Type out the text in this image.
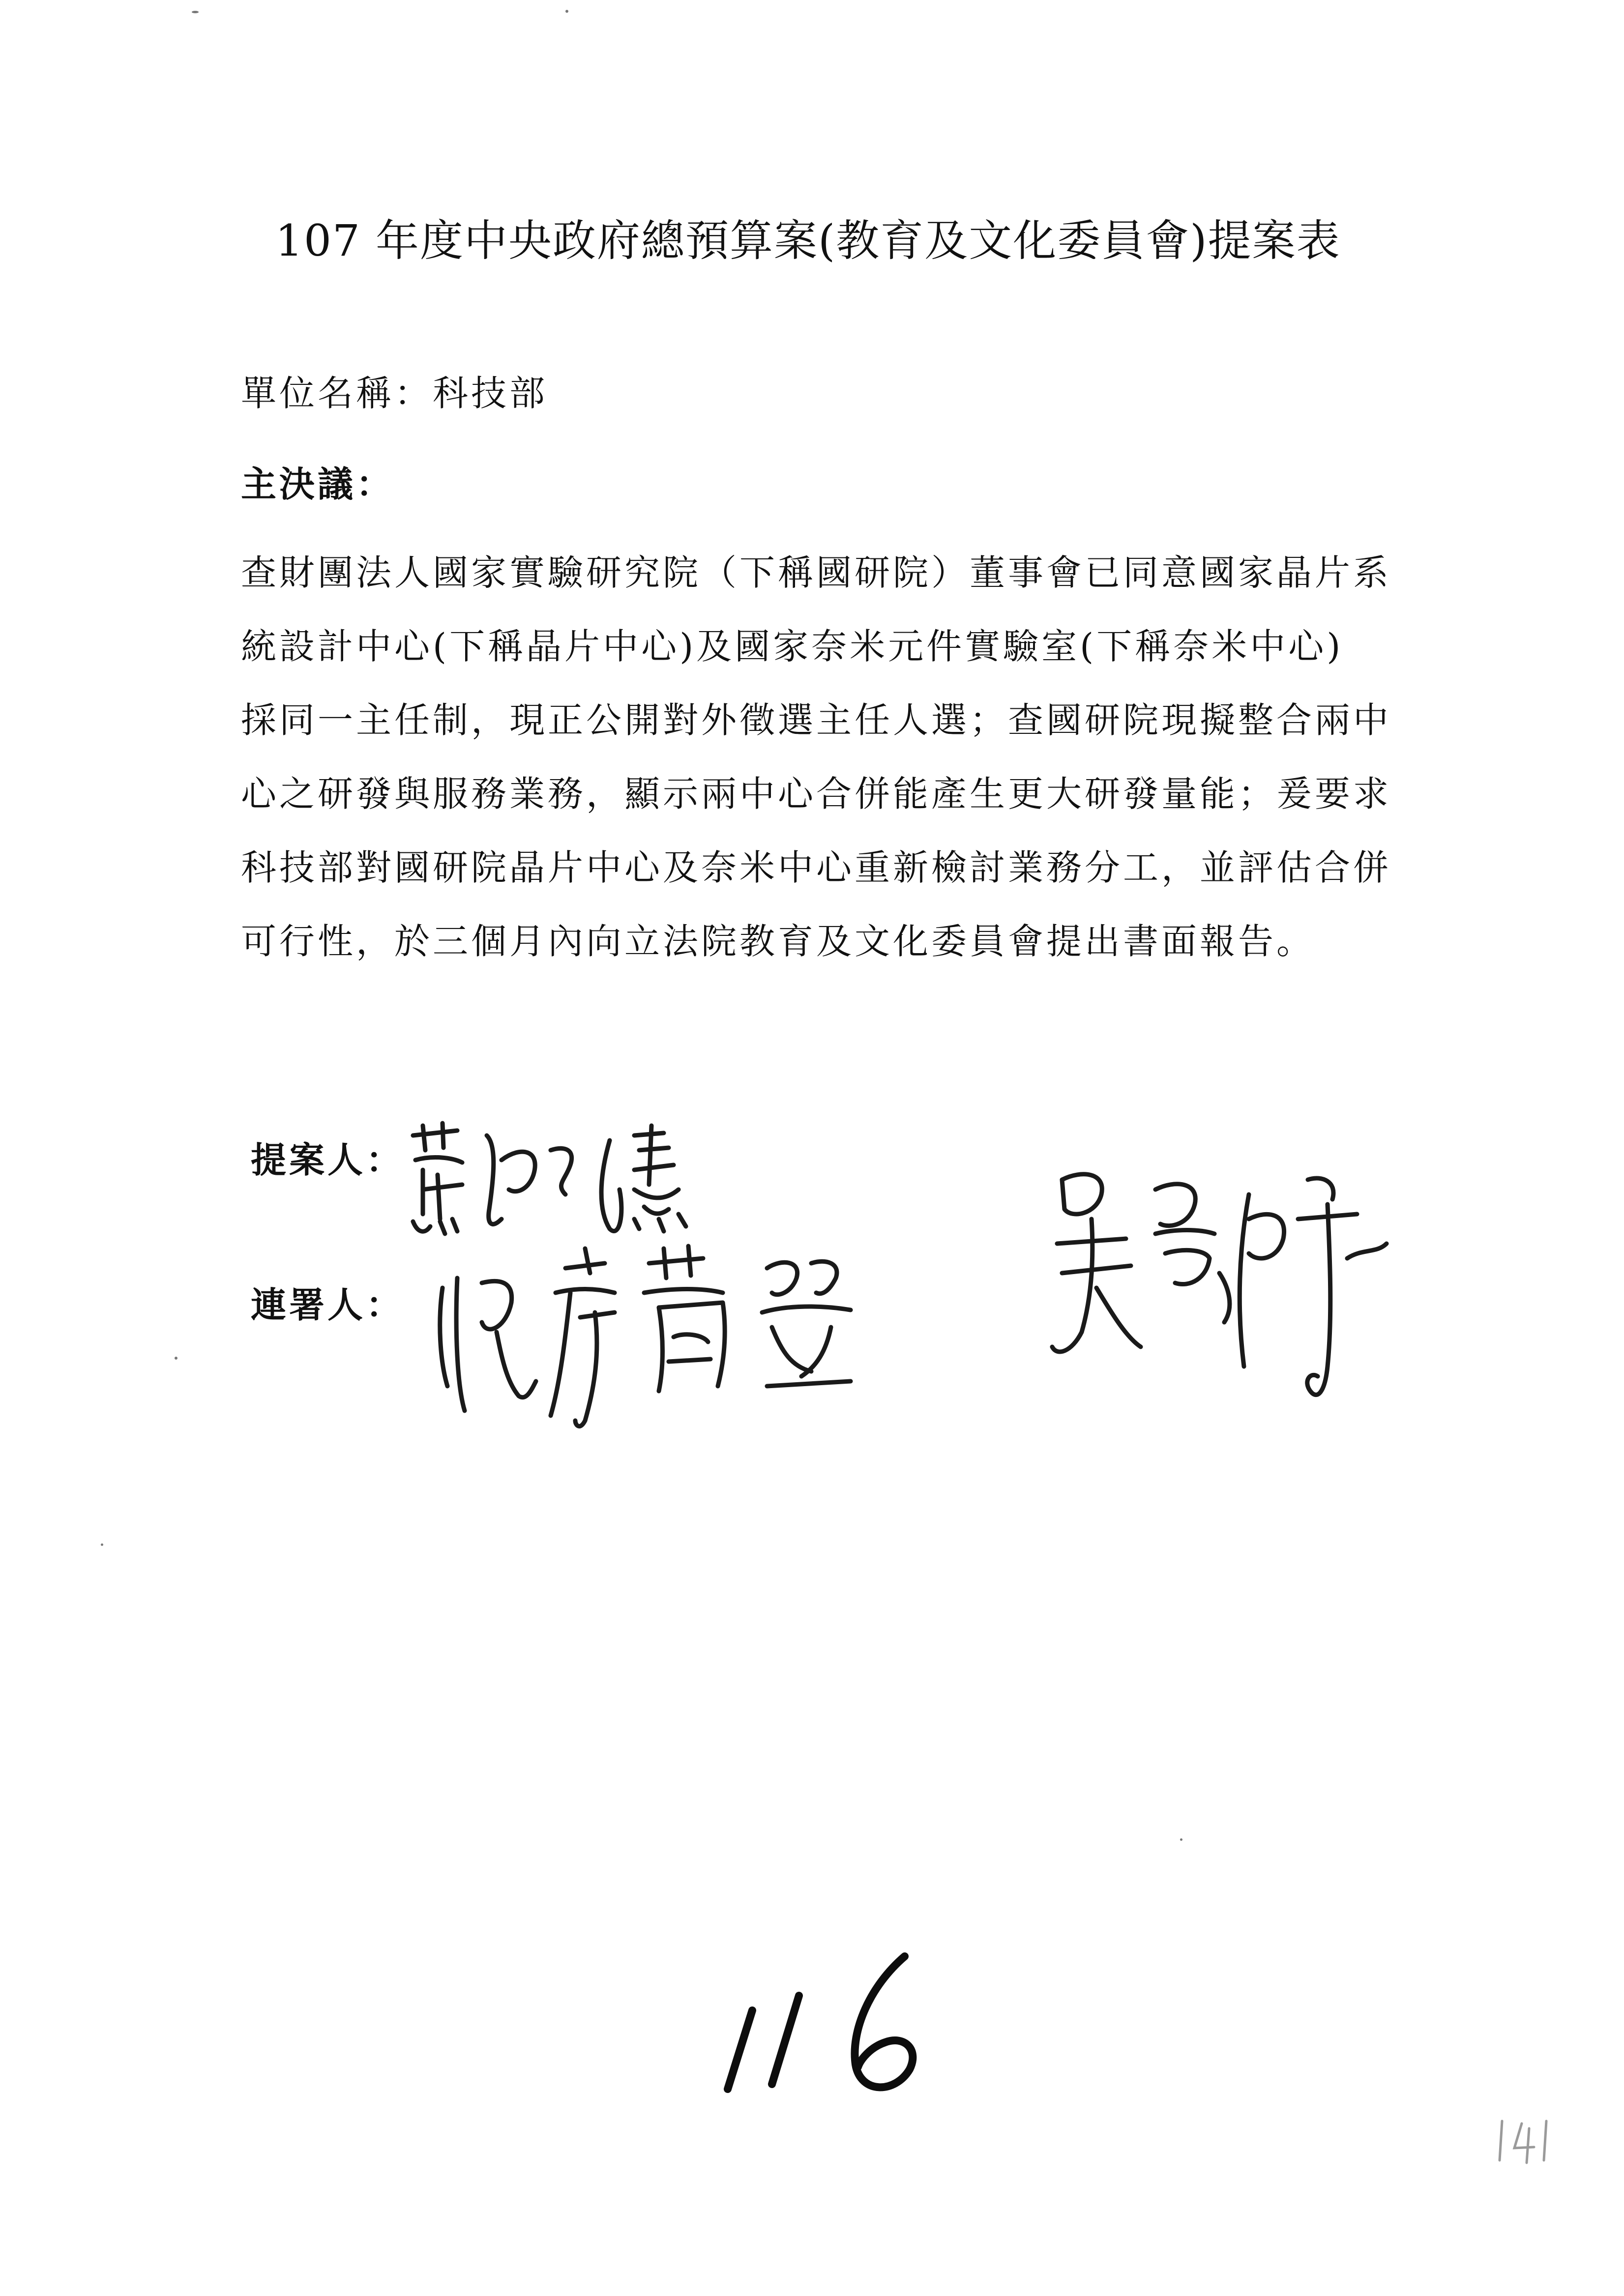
107 年度中央政府總預算案(教育及文化委員會)提案表
單位名稱：科技部
主決議：
查財團法人國家實驗研究院（下稱國研院）董事會已同意國家晶片系
統設計中心(下稱晶片中心)及國家奈米元件實驗室(下稱奈米中心)
採同一主任制，現正公開對外徵選主任人選；查國研院現擬整合兩中
心之研發與服務業務，顯示兩中心合併能產生更大研發量能；爰要求
科技部對國研院晶片中心及奈米中心重新檢討業務分工，並評估合併
可行性，於三個月內向立法院教育及文化委員會提出書面報告。
提案人：
連署人：
